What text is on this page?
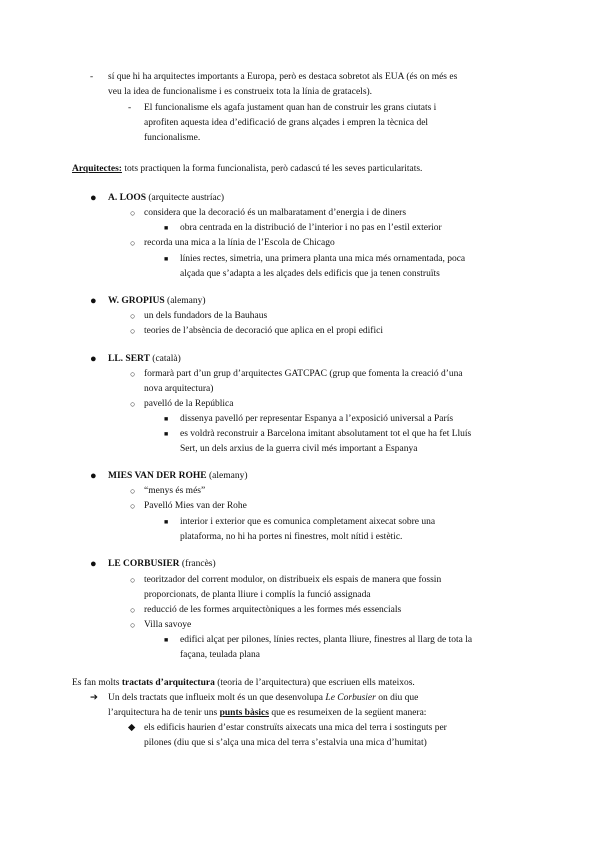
- sí que hi ha arquitectes importants a Europa, però es destaca sobretot als EUA (és on més es
veu la idea de funcionalisme i es construeix tota la línia de gratacels).
- El funcionalisme els agafa justament quan han de construir les grans ciutats i
aprofiten aquesta idea d’edificació de grans alçades i empren la tècnica del
funcionalisme.
Arquitectes: tots practiquen la forma funcionalista, però cadascú té les seves particularitats.
● A. LOOS (arquitecte austríac)
○ considera que la decoració és un malbaratament d’energia i de diners
■ obra centrada en la distribució de l’interior i no pas en l’estil exterior
○ recorda una mica a la línia de l’Escola de Chicago
■ línies rectes, simetria, una primera planta una mica més ornamentada, poca
alçada que s’adapta a les alçades dels edificis que ja tenen construïts
● W. GROPIUS (alemany)
○ un dels fundadors de la Bauhaus
○ teories de l’absència de decoració que aplica en el propi edifici
● LL. SERT (català)
○ formarà part d’un grup d’arquitectes GATCPAC (grup que fomenta la creació d’una
nova arquitectura)
○ pavelló de la República
■ dissenya pavelló per representar Espanya a l’exposició universal a París
■ es voldrà reconstruir a Barcelona imitant absolutament tot el que ha fet Lluís
Sert, un dels arxius de la guerra civil més important a Espanya
● MIES VAN DER ROHE (alemany)
○ “menys és més”
○ Pavelló Mies van der Rohe
■ interior i exterior que es comunica completament aixecat sobre una
plataforma, no hi ha portes ni finestres, molt nítid i estètic.
● LE CORBUSIER (francès)
○ teoritzador del corrent modulor, on distribueix els espais de manera que fossin
proporcionats, de planta lliure i complís la funció assignada
○ reducció de les formes arquitectòniques a les formes més essencials
○ Villa savoye
■ edifici alçat per pilones, línies rectes, planta lliure, finestres al llarg de tota la
façana, teulada plana
Es fan molts tractats d’arquitectura (teoria de l’arquitectura) que escriuen ells mateixos.
➔ Un dels tractats que influeix molt és un que desenvolupa Le Corbusier on diu que
l’arquitectura ha de tenir uns punts bàsics que es resumeixen de la següent manera:
◆ els edificis haurien d’estar construïts aixecats una mica del terra i sostinguts per
pilones (diu que si s’alça una mica del terra s’estalvia una mica d’humitat)
